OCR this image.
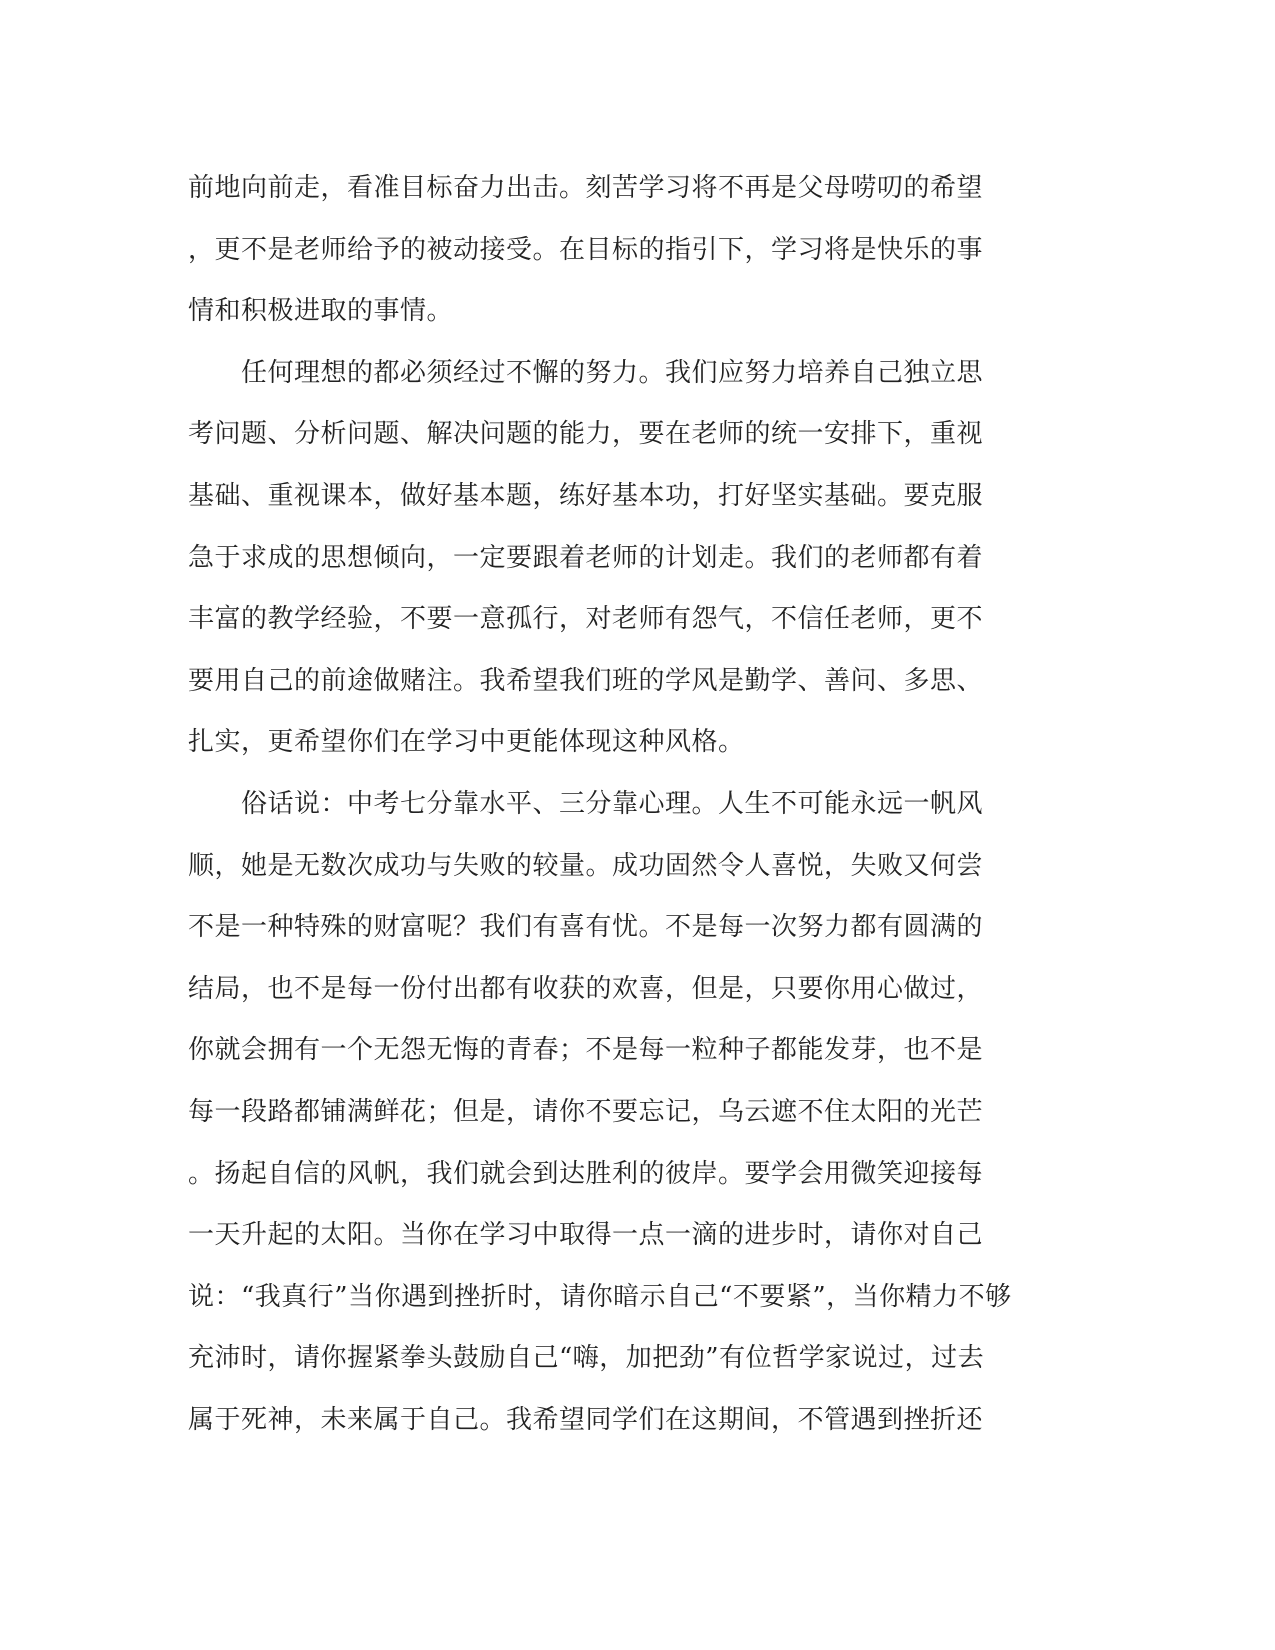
前地向前走，看准目标奋力出击。刻苦学习将不再是父母唠叨的希望
，更不是老师给予的被动接受。在目标的指引下，学习将是快乐的事
情和积极进取的事情。
　　任何理想的都必须经过不懈的努力。我们应努力培养自己独立思
考问题、分析问题、解决问题的能力，要在老师的统一安排下，重视
基础、重视课本，做好基本题，练好基本功，打好坚实基础。要克服
急于求成的思想倾向，一定要跟着老师的计划走。我们的老师都有着
丰富的教学经验，不要一意孤行，对老师有怨气，不信任老师，更不
要用自己的前途做赌注。我希望我们班的学风是勤学、善问、多思、
扎实，更希望你们在学习中更能体现这种风格。
　　俗话说：中考七分靠水平、三分靠心理。人生不可能永远一帆风
顺，她是无数次成功与失败的较量。成功固然令人喜悦，失败又何尝
不是一种特殊的财富呢？我们有喜有忧。不是每一次努力都有圆满的
结局，也不是每一份付出都有收获的欢喜，但是，只要你用心做过，
你就会拥有一个无怨无悔的青春；不是每一粒种子都能发芽，也不是
每一段路都铺满鲜花；但是，请你不要忘记，乌云遮不住太阳的光芒
。扬起自信的风帆，我们就会到达胜利的彼岸。要学会用微笑迎接每
一天升起的太阳。当你在学习中取得一点一滴的进步时，请你对自己
说：“我真行”当你遇到挫折时，请你暗示自己“不要紧”，当你精力不够
充沛时，请你握紧拳头鼓励自己“嗨，加把劲”有位哲学家说过，过去
属于死神，未来属于自己。我希望同学们在这期间，不管遇到挫折还
